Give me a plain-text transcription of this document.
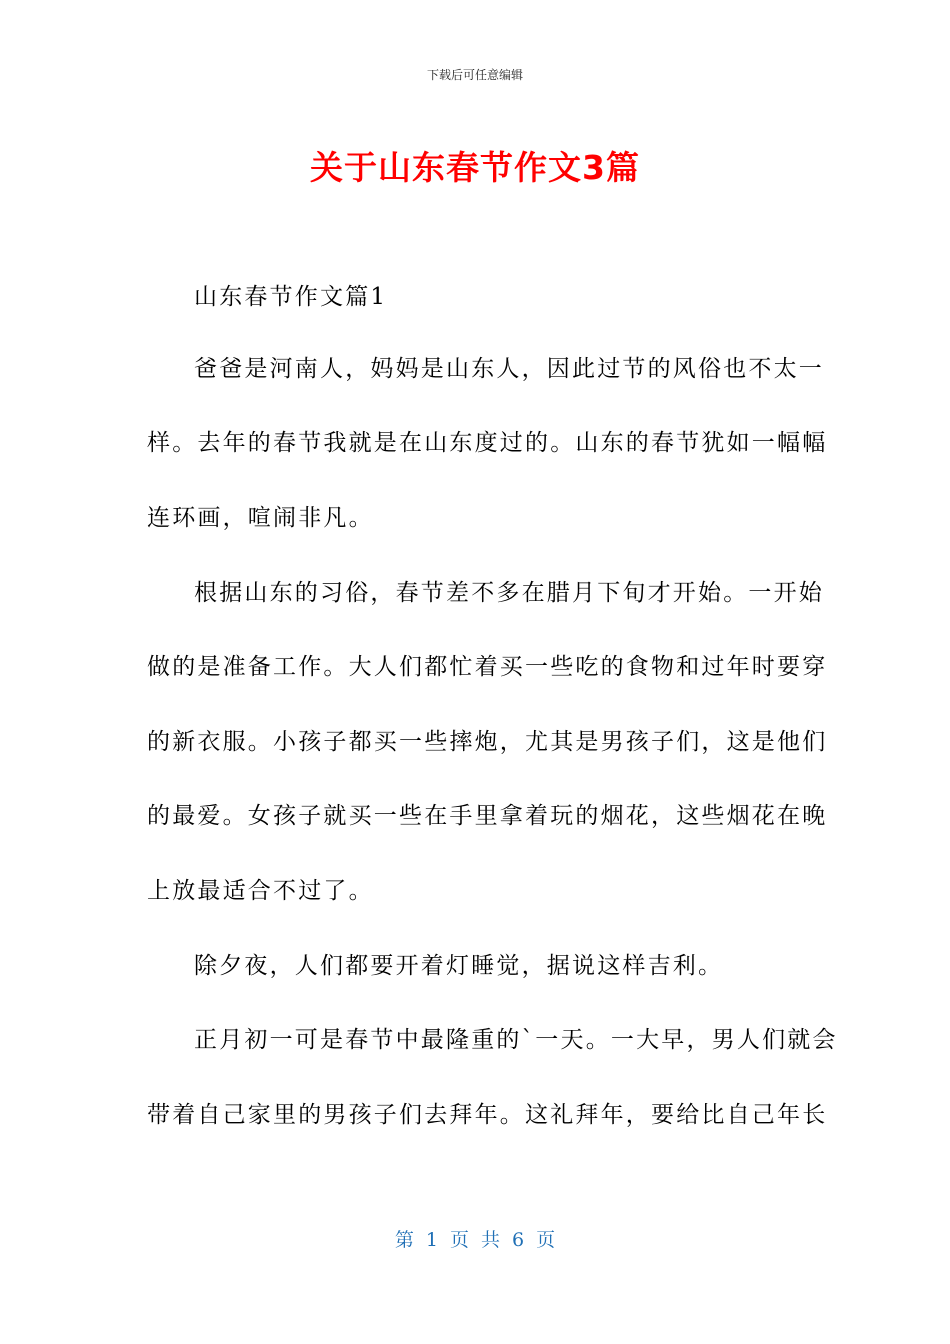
下载后可任意编辑
关于山东春节作文3篇
山东春节作文篇1
爸爸是河南人，妈妈是山东人，因此过节的风俗也不太一
样。去年的春节我就是在山东度过的。山东的春节犹如一幅幅
连环画，喧闹非凡。
根据山东的习俗，春节差不多在腊月下旬才开始。一开始
做的是准备工作。大人们都忙着买一些吃的食物和过年时要穿
的新衣服。小孩子都买一些摔炮，尤其是男孩子们，这是他们
的最爱。女孩子就买一些在手里拿着玩的烟花，这些烟花在晚
上放最适合不过了。
除夕夜，人们都要开着灯睡觉，据说这样吉利。
正月初一可是春节中最隆重的`一天。一大早，男人们就会
带着自己家里的男孩子们去拜年。这礼拜年，要给比自己年长
第 1 页 共 6 页
